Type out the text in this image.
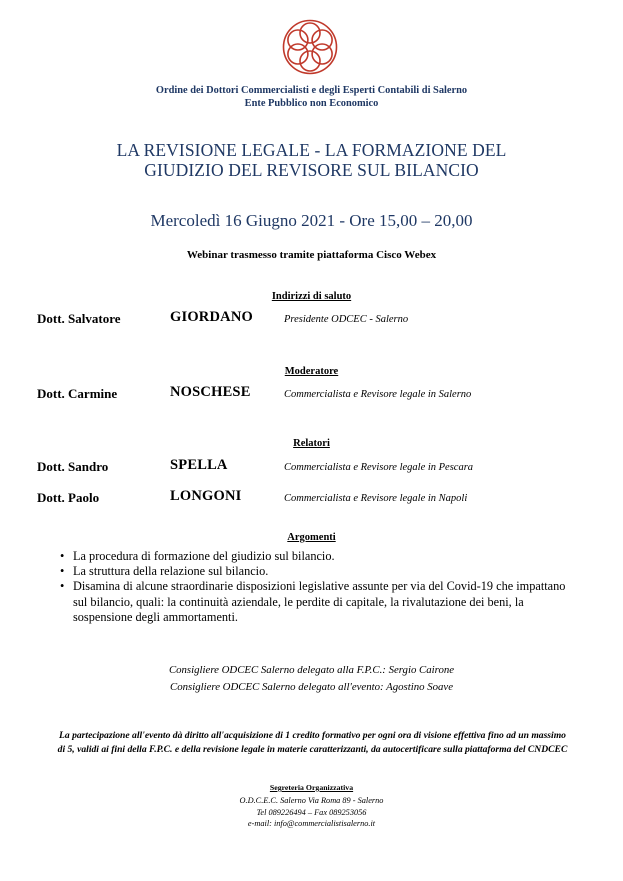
Ordine dei Dottori Commercialisti e degli Esperti Contabili di Salerno
Ente Pubblico non Economico
LA REVISIONE LEGALE - LA FORMAZIONE DEL
GIUDIZIO DEL REVISORE SUL BILANCIO
Mercoledì 16 Giugno 2021 - Ore 15,00 – 20,00
Webinar trasmesso tramite piattaforma Cisco Webex
Indirizzi di saluto
Dott. Salvatore	GIORDANO	Presidente ODCEC - Salerno
Moderatore
Dott. Carmine	NOSCHESE	Commercialista e Revisore legale in Salerno
Relatori
Dott. Sandro	SPELLA	Commercialista e Revisore legale in Pescara
Dott. Paolo	LONGONI	Commercialista e Revisore legale in Napoli
Argomenti
• La procedura di formazione del giudizio sul bilancio.
• La struttura della relazione sul bilancio.
• Disamina di alcune straordinarie disposizioni legislative assunte per via del Covid-19 che impattano sul bilancio, quali: la continuità aziendale, le perdite di capitale, la rivalutazione dei beni, la sospensione degli ammortamenti.
Consigliere ODCEC Salerno delegato alla F.P.C.: Sergio Cairone
Consigliere ODCEC Salerno delegato all'evento: Agostino Soave
La partecipazione all'evento dà diritto all'acquisizione di 1 credito formativo per ogni ora di visione effettiva fino ad un massimo di 5, validi ai fini della F.P.C. e della revisione legale in materie caratterizzanti, da autocertificare sulla piattaforma del CNDCEC
Segreteria Organizzativa
O.D.C.E.C. Salerno Via Roma 89 - Salerno
Tel 089226494 – Fax 089253056
e-mail: info@commercialistisalerno.it
